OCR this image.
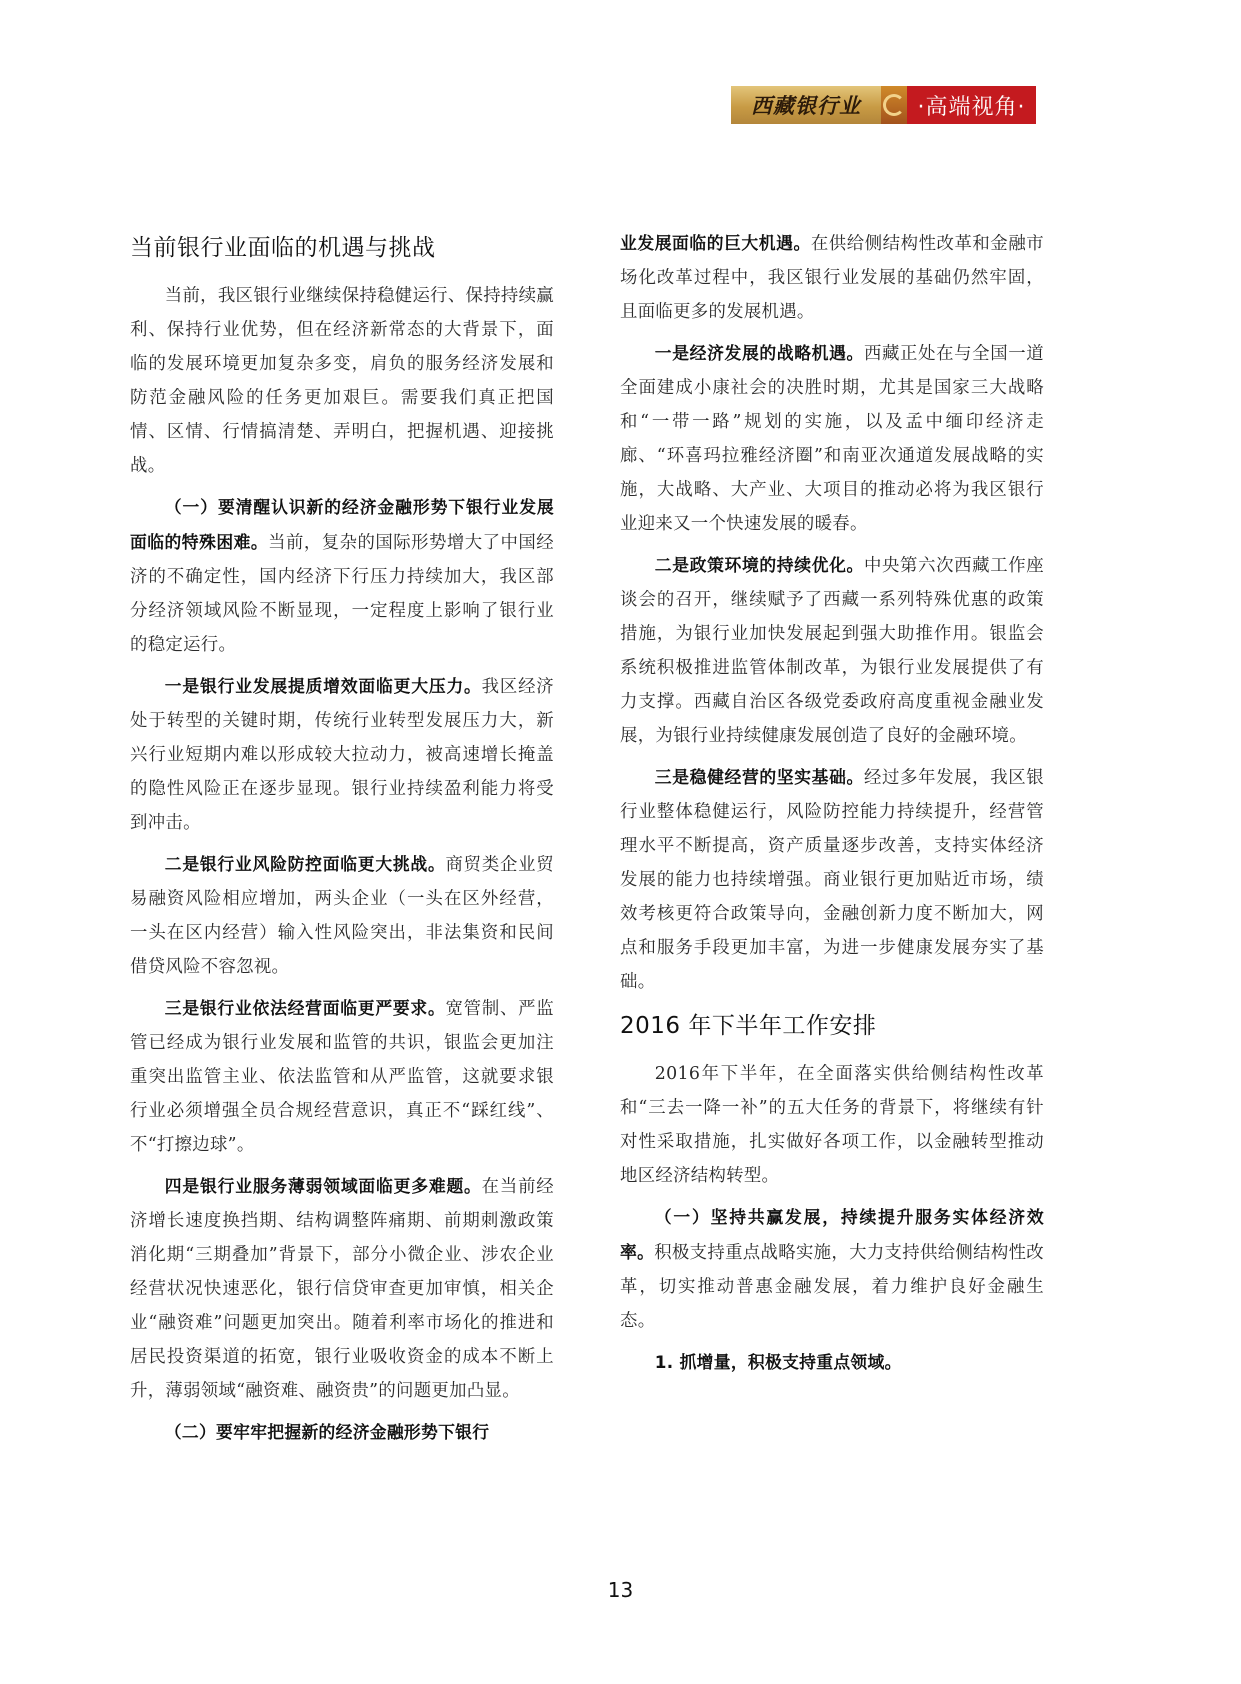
西藏银行业	·高端视角·
当前银行业面临的机遇与挑战

当前，我区银行业继续保持稳健运行、保持持续赢利、保持行业优势，但在经济新常态的大背景下，面临的发展环境更加复杂多变，肩负的服务经济发展和防范金融风险的任务更加艰巨。需要我们真正把国情、区情、行情搞清楚、弄明白，把握机遇、迎接挑战。

（一）要清醒认识新的经济金融形势下银行业发展面临的特殊困难。当前，复杂的国际形势增大了中国经济的不确定性，国内经济下行压力持续加大，我区部分经济领域风险不断显现，一定程度上影响了银行业的稳定运行。

一是银行业发展提质增效面临更大压力。我区经济处于转型的关键时期，传统行业转型发展压力大，新兴行业短期内难以形成较大拉动力，被高速增长掩盖的隐性风险正在逐步显现。银行业持续盈利能力将受到冲击。

二是银行业风险防控面临更大挑战。商贸类企业贸易融资风险相应增加，两头企业（一头在区外经营，一头在区内经营）输入性风险突出，非法集资和民间借贷风险不容忽视。

三是银行业依法经营面临更严要求。宽管制、严监管已经成为银行业发展和监管的共识，银监会更加注重突出监管主业、依法监管和从严监管，这就要求银行业必须增强全员合规经营意识，真正不“踩红线”、不“打擦边球”。

四是银行业服务薄弱领域面临更多难题。在当前经济增长速度换挡期、结构调整阵痛期、前期刺激政策消化期“三期叠加”背景下，部分小微企业、涉农企业经营状况快速恶化，银行信贷审查更加审慎，相关企业“融资难”问题更加突出。随着利率市场化的推进和居民投资渠道的拓宽，银行业吸收资金的成本不断上升，薄弱领域“融资难、融资贵”的问题更加凸显。

（二）要牢牢把握新的经济金融形势下银行

业发展面临的巨大机遇。在供给侧结构性改革和金融市场化改革过程中，我区银行业发展的基础仍然牢固，且面临更多的发展机遇。

一是经济发展的战略机遇。西藏正处在与全国一道全面建成小康社会的决胜时期，尤其是国家三大战略和“一带一路”规划的实施，以及孟中缅印经济走廊、“环喜玛拉雅经济圈”和南亚次通道发展战略的实施，大战略、大产业、大项目的推动必将为我区银行业迎来又一个快速发展的暖春。

二是政策环境的持续优化。中央第六次西藏工作座谈会的召开，继续赋予了西藏一系列特殊优惠的政策措施，为银行业加快发展起到强大助推作用。银监会系统积极推进监管体制改革，为银行业发展提供了有力支撑。西藏自治区各级党委政府高度重视金融业发展，为银行业持续健康发展创造了良好的金融环境。

三是稳健经营的坚实基础。经过多年发展，我区银行业整体稳健运行，风险防控能力持续提升，经营管理水平不断提高，资产质量逐步改善，支持实体经济发展的能力也持续增强。商业银行更加贴近市场，绩效考核更符合政策导向，金融创新力度不断加大，网点和服务手段更加丰富，为进一步健康发展夯实了基础。

2016 年下半年工作安排

2016年下半年，在全面落实供给侧结构性改革和“三去一降一补”的五大任务的背景下，将继续有针对性采取措施，扎实做好各项工作，以金融转型推动地区经济结构转型。

（一）坚持共赢发展，持续提升服务实体经济效率。积极支持重点战略实施，大力支持供给侧结构性改革，切实推动普惠金融发展，着力维护良好金融生态。

1. 抓增量，积极支持重点领域。

13
